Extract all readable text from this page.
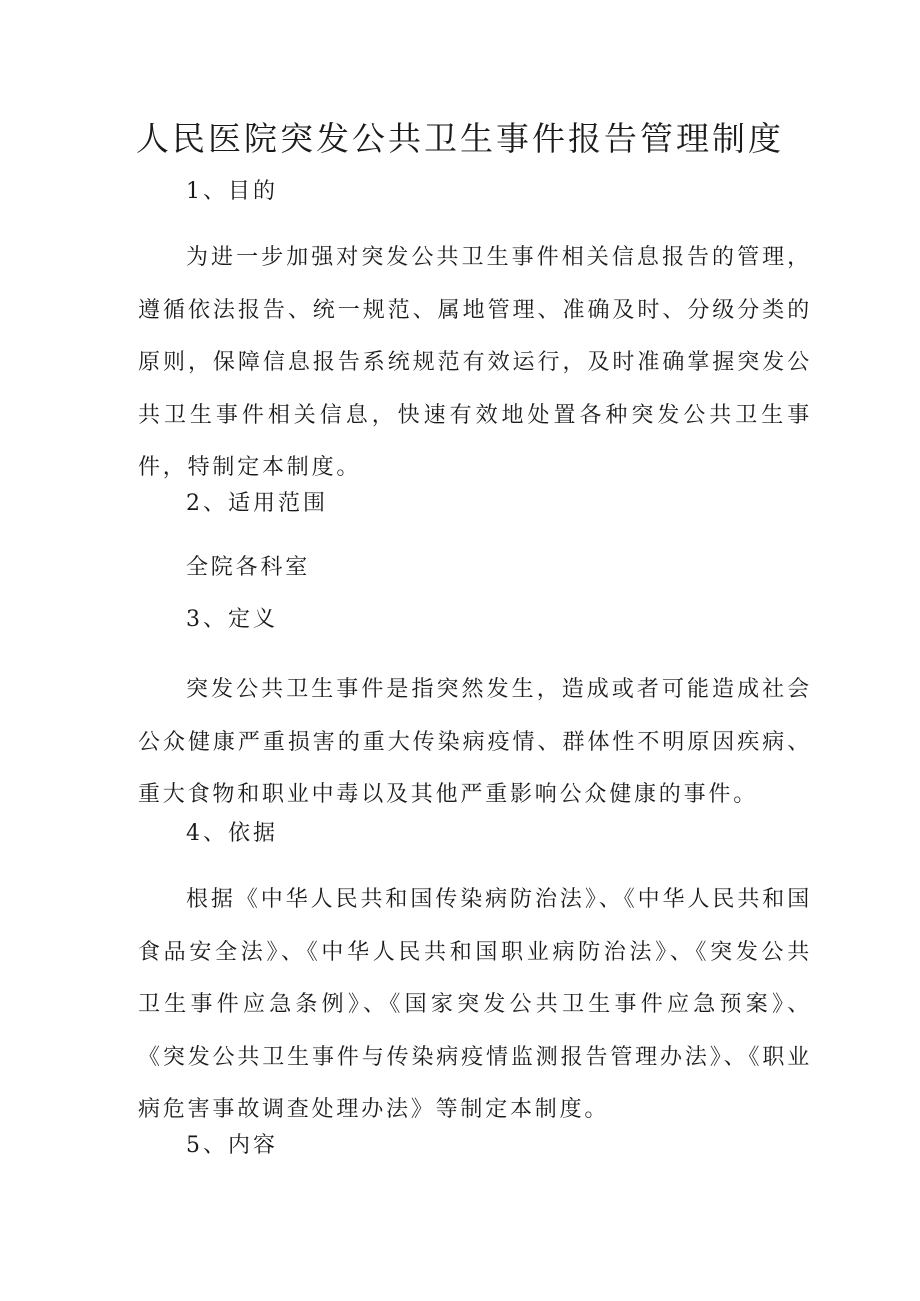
人民医院突发公共卫生事件报告管理制度
1、目的
为进一步加强对突发公共卫生事件相关信息报告的管理，遵循依法报告、统一规范、属地管理、准确及时、分级分类的原则，保障信息报告系统规范有效运行，及时准确掌握突发公共卫生事件相关信息，快速有效地处置各种突发公共卫生事件，特制定本制度。
2、适用范围
全院各科室
3、定义
突发公共卫生事件是指突然发生，造成或者可能造成社会公众健康严重损害的重大传染病疫情、群体性不明原因疾病、重大食物和职业中毒以及其他严重影响公众健康的事件。
4、依据
根据《中华人民共和国传染病防治法》、《中华人民共和国食品安全法》、《中华人民共和国职业病防治法》、《突发公共卫生事件应急条例》、《国家突发公共卫生事件应急预案》、《突发公共卫生事件与传染病疫情监测报告管理办法》、《职业病危害事故调查处理办法》等制定本制度。
5、内容
